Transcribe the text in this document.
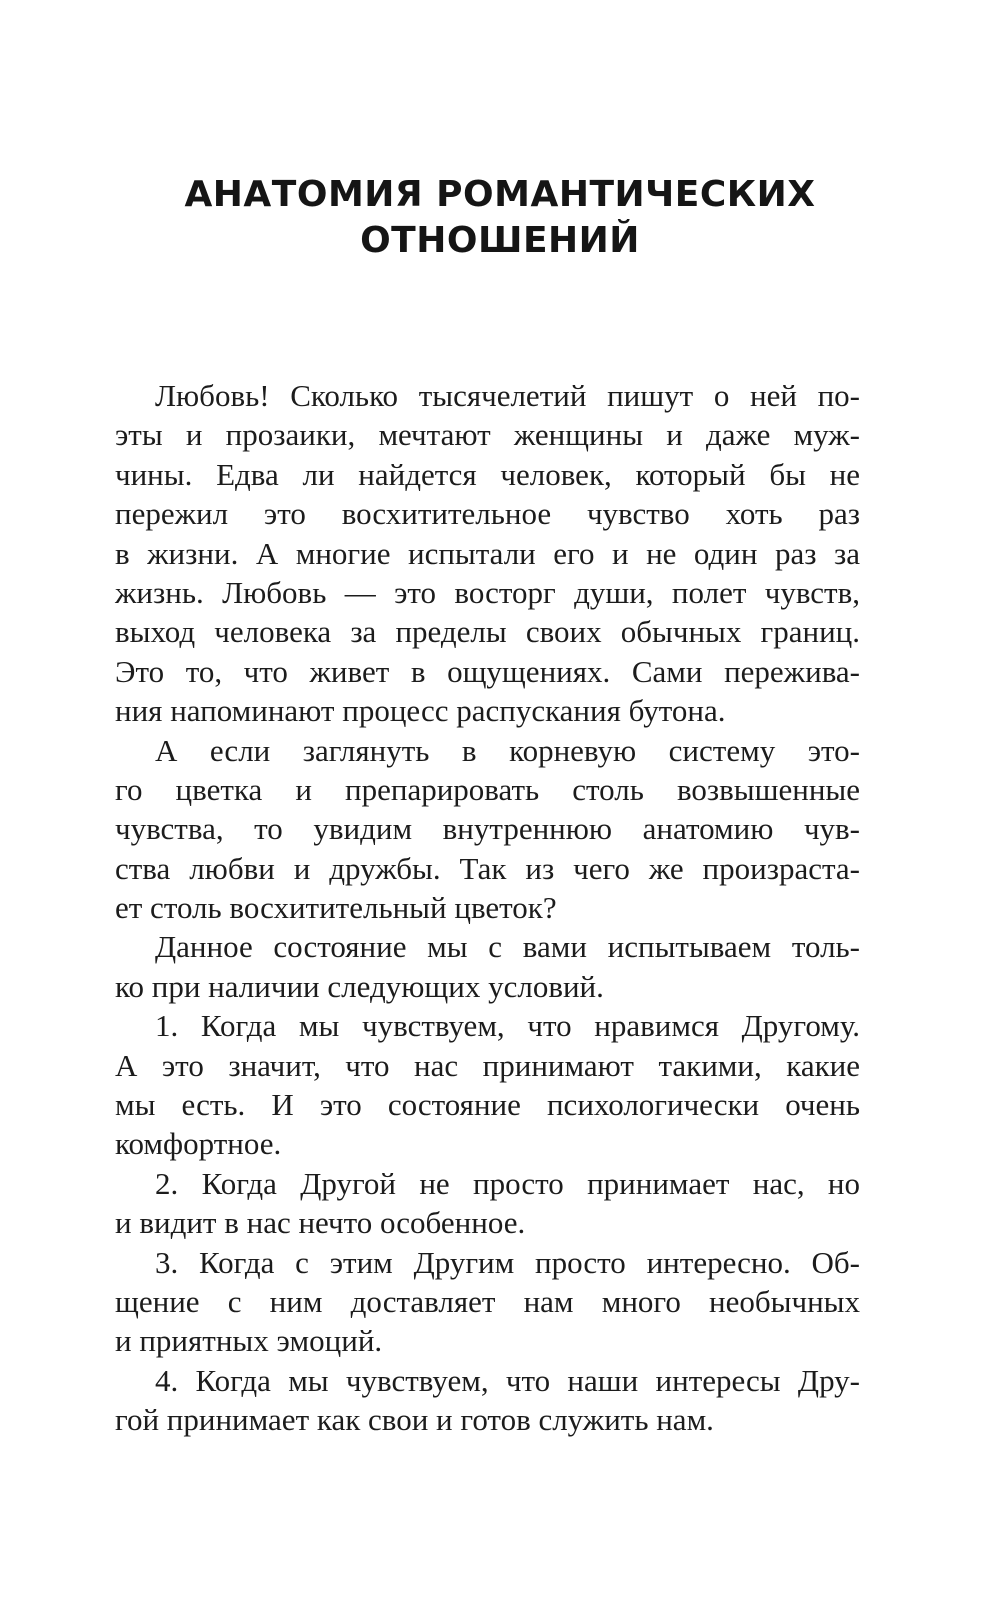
АНАТОМИЯ РОМАНТИЧЕСКИХ
ОТНОШЕНИЙ

Любовь! Сколько тысячелетий пишут о ней по-
эты и прозаики, мечтают женщины и даже муж-
чины. Едва ли найдется человек, который бы не
пережил это восхитительное чувство хоть раз
в жизни. А многие испытали его и не один раз за
жизнь. Любовь — это восторг души, полет чувств,
выход человека за пределы своих обычных границ.
Это то, что живет в ощущениях. Сами пережива-
ния напоминают процесс распускания бутона.

А если заглянуть в корневую систему это-
го цветка и препарировать столь возвышенные
чувства, то увидим внутреннюю анатомию чув-
ства любви и дружбы. Так из чего же произраста-
ет столь восхитительный цветок?

Данное состояние мы с вами испытываем толь-
ко при наличии следующих условий.

1. Когда мы чувствуем, что нравимся Другому.
А это значит, что нас принимают такими, какие
мы есть. И это состояние психологически очень
комфортное.

2. Когда Другой не просто принимает нас, но
и видит в нас нечто особенное.

3. Когда с этим Другим просто интересно. Об-
щение с ним доставляет нам много необычных
и приятных эмоций.

4. Когда мы чувствуем, что наши интересы Дру-
гой принимает как свои и готов служить нам.
